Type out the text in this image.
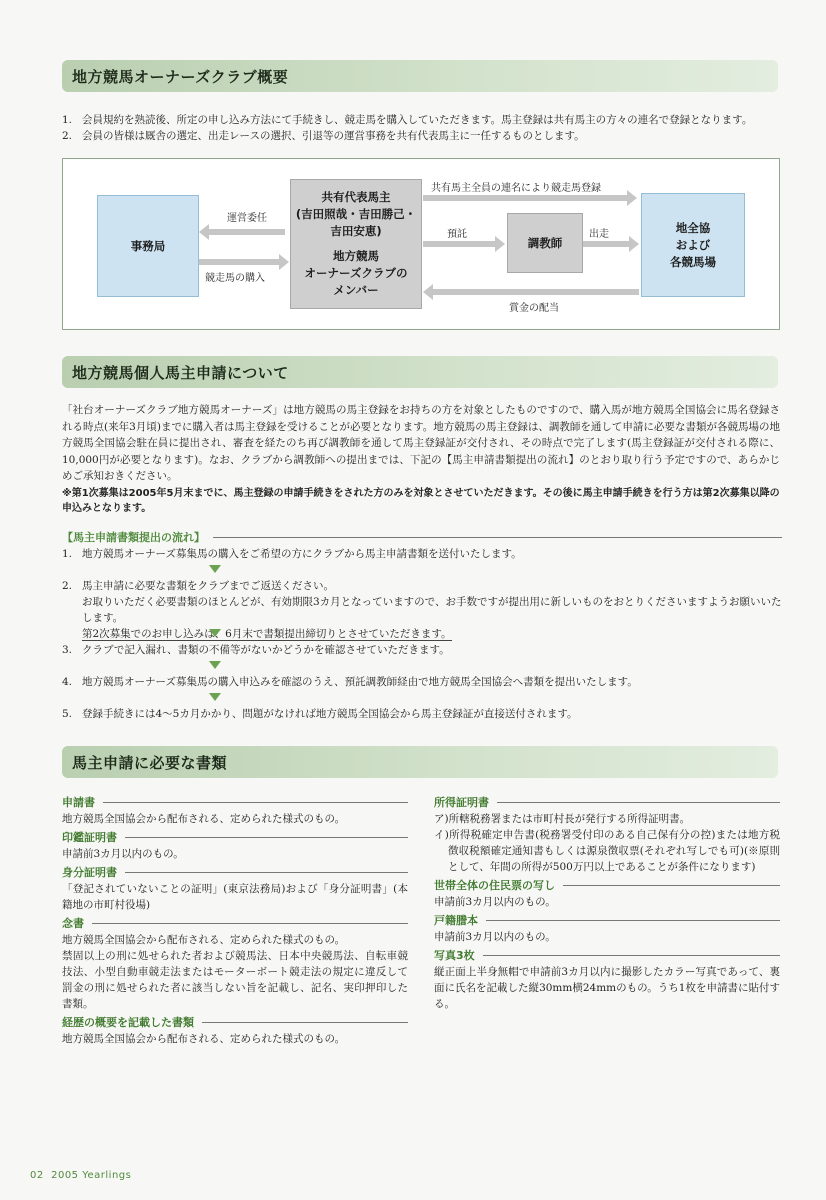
地方競馬オーナーズクラブ概要
1. 会員規約を熟読後、所定の申し込み方法にて手続きし、競走馬を購入していただきます。馬主登録は共有馬主の方々の連名で登録となります。
2. 会員の皆様は厩舎の選定、出走レースの選択、引退等の運営事務を共有代表馬主に一任するものとします。
事務局
共有代表馬主
(吉田照哉・吉田勝己・
吉田安恵)
地方競馬
オーナーズクラブの
メンバー
調教師
地全協
および
各競馬場
運営委任
競走馬の購入
共有馬主全員の連名により競走馬登録
預託	出走
賞金の配当
地方競馬個人馬主申請について
「社台オーナーズクラブ地方競馬オーナーズ」は地方競馬の馬主登録をお持ちの方を対象としたものですので、購入馬が地方競馬全国協会に馬名登録される時点(来年3月頃)までに購入者は馬主登録を受けることが必要となります。地方競馬の馬主登録は、調教師を通して申請に必要な書類が各競馬場の地方競馬全国協会駐在員に提出され、審査を経たのち再び調教師を通して馬主登録証が交付され、その時点で完了します(馬主登録証が交付される際に、10,000円が必要となります)。なお、クラブから調教師への提出までは、下記の【馬主申請書類提出の流れ】のとおり取り行う予定ですので、あらかじめご承知おきください。
※第1次募集は2005年5月末までに、馬主登録の申請手続きをされた方のみを対象とさせていただきます。その後に馬主申請手続きを行う方は第2次募集以降の申込みとなります。
【馬主申請書類提出の流れ】
1. 地方競馬オーナーズ募集馬の購入をご希望の方にクラブから馬主申請書類を送付いたします。
2. 馬主申請に必要な書類をクラブまでご返送ください。
お取りいただく必要書類のほとんどが、有効期限3カ月となっていますので、お手数ですが提出用に新しいものをおとりくださいますようお願いいたします。
第2次募集でのお申し込みは、6月末で書類提出締切りとさせていただきます。
3. クラブで記入漏れ、書類の不備等がないかどうかを確認させていただきます。
4. 地方競馬オーナーズ募集馬の購入申込みを確認のうえ、預託調教師経由で地方競馬全国協会へ書類を提出いたします。
5. 登録手続きには4〜5カ月かかり、問題がなければ地方競馬全国協会から馬主登録証が直接送付されます。
馬主申請に必要な書類
申請書
地方競馬全国協会から配布される、定められた様式のもの。
印鑑証明書
申請前3カ月以内のもの。
身分証明書
「登記されていないことの証明」(東京法務局)および「身分証明書」(本籍地の市町村役場)
念書
地方競馬全国協会から配布される、定められた様式のもの。
禁固以上の刑に処せられた者および競馬法、日本中央競馬法、自転車競技法、小型自動車競走法またはモーターボート競走法の規定に違反して罰金の刑に処せられた者に該当しない旨を記載し、記名、実印押印した書類。
経歴の概要を記載した書類
地方競馬全国協会から配布される、定められた様式のもの。
所得証明書
ア)所轄税務署または市町村長が発行する所得証明書。
イ)所得税確定申告書(税務署受付印のある自己保有分の控)または地方税徴収税額確定通知書もしくは源泉徴収票(それぞれ写しでも可)(※原則として、年間の所得が500万円以上であることが条件になります)
世帯全体の住民票の写し
申請前3カ月以内のもの。
戸籍謄本
申請前3カ月以内のもの。
写真3枚
縦正面上半身無帽で申請前3カ月以内に撮影したカラー写真であって、裏面に氏名を記載した縦30mm横24mmのもの。うち1枚を申請書に貼付する。
02 2005 Yearlings
